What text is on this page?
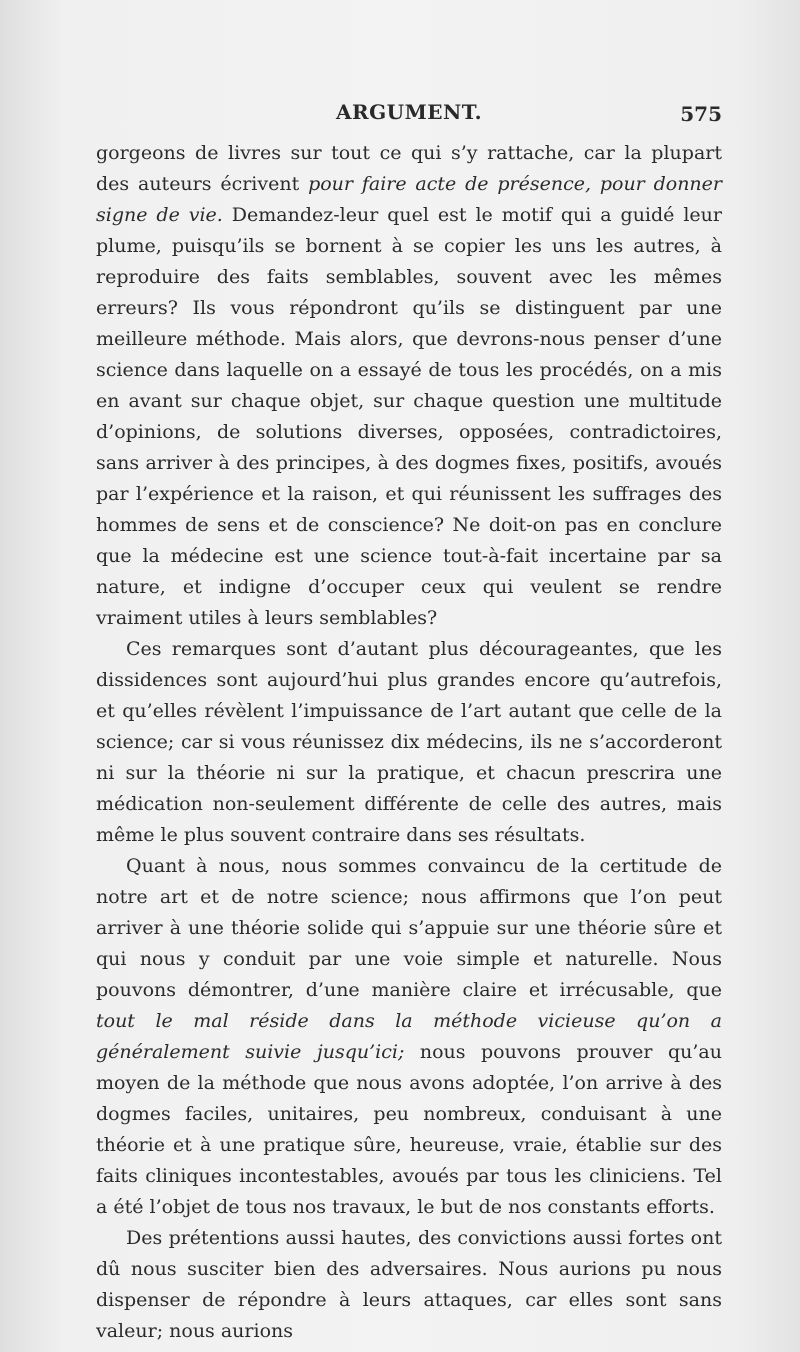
ARGUMENT.	575

gorgeons de livres sur tout ce qui s’y rattache, car la plupart des auteurs écrivent pour faire acte de présence, pour donner signe de vie. Demandez-leur quel est le motif qui a guidé leur plume, puisqu’ils se bornent à se copier les uns les autres, à reproduire des faits semblables, souvent avec les mêmes erreurs? Ils vous répondront qu’ils se distinguent par une meilleure méthode. Mais alors, que devrons-nous penser d’une science dans laquelle on a essayé de tous les procédés, on a mis en avant sur chaque objet, sur chaque question une multitude d’opinions, de solutions diverses, opposées, contradictoires, sans arriver à des principes, à des dogmes fixes, positifs, avoués par l’expérience et la raison, et qui réunissent les suffrages des hommes de sens et de conscience? Ne doit-on pas en conclure que la médecine est une science tout-à-fait incertaine par sa nature, et indigne d’occuper ceux qui veulent se rendre vraiment utiles à leurs semblables?

Ces remarques sont d’autant plus décourageantes, que les dissidences sont aujourd’hui plus grandes encore qu’autrefois, et qu’elles révèlent l’impuissance de l’art autant que celle de la science; car si vous réunissez dix médecins, ils ne s’accorderont ni sur la théorie ni sur la pratique, et chacun prescrira une médication non-seulement différente de celle des autres, mais même le plus souvent contraire dans ses résultats.

Quant à nous, nous sommes convaincu de la certitude de notre art et de notre science; nous affirmons que l’on peut arriver à une théorie solide qui s’appuie sur une théorie sûre et qui nous y conduit par une voie simple et naturelle. Nous pouvons démontrer, d’une manière claire et irrécusable, que tout le mal réside dans la méthode vicieuse qu’on a généralement suivie jusqu’ici; nous pouvons prouver qu’au moyen de la méthode que nous avons adoptée, l’on arrive à des dogmes faciles, unitaires, peu nombreux, conduisant à une théorie et à une pratique sûre, heureuse, vraie, établie sur des faits cliniques incontestables, avoués par tous les cliniciens. Tel a été l’objet de tous nos travaux, le but de nos constants efforts.

Des prétentions aussi hautes, des convictions aussi fortes ont dû nous susciter bien des adversaires. Nous aurions pu nous dispenser de répondre à leurs attaques, car elles sont sans valeur; nous aurions
